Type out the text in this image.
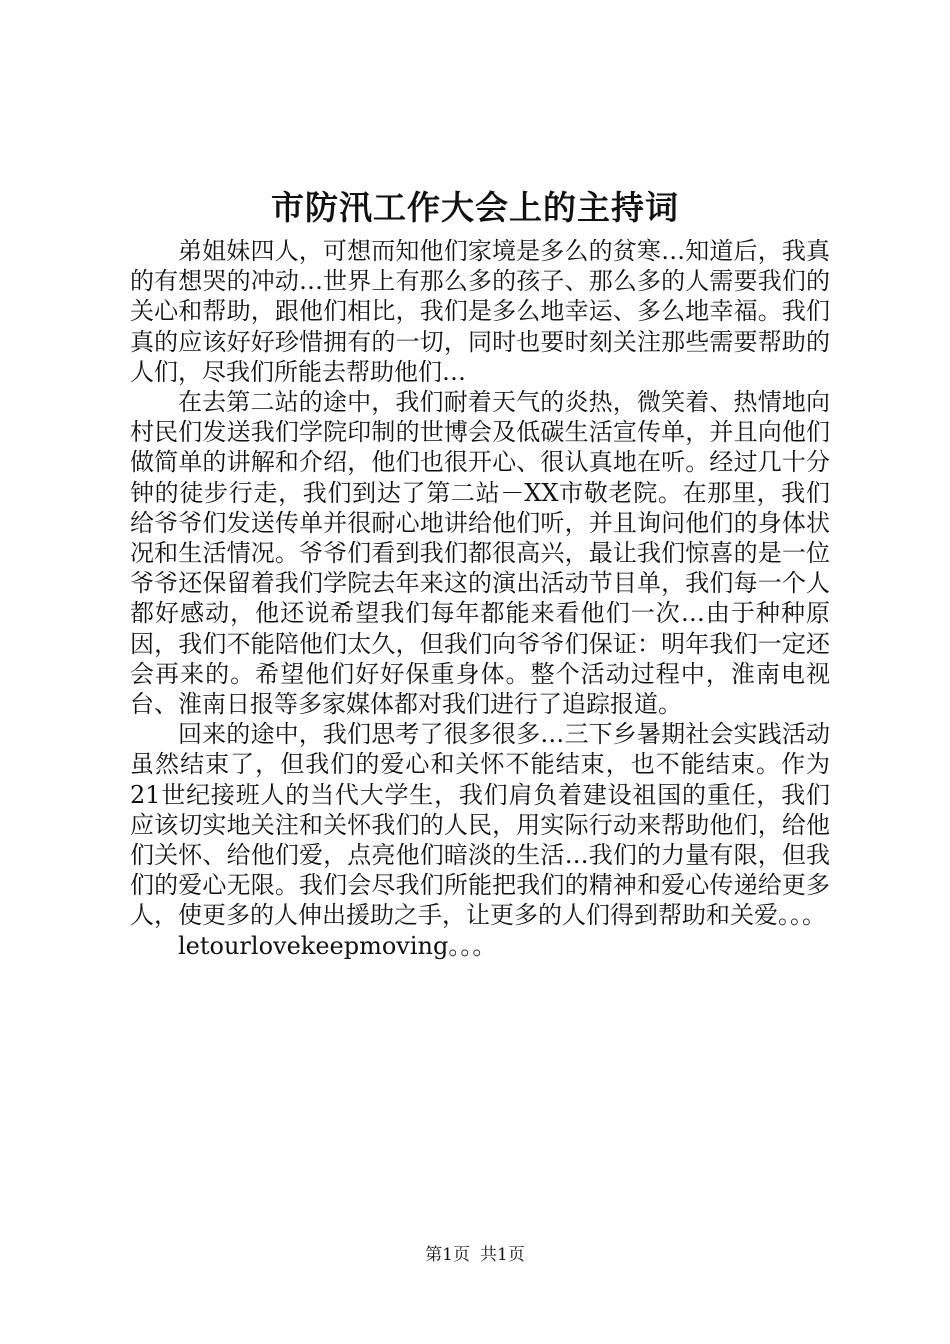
市防汛工作大会上的主持词

弟姐妹四人，可想而知他们家境是多么的贫寒…知道后，我真的有想哭的冲动…世界上有那么多的孩子、那么多的人需要我们的关心和帮助，跟他们相比，我们是多么地幸运、多么地幸福。我们真的应该好好珍惜拥有的一切，同时也要时刻关注那些需要帮助的人们，尽我们所能去帮助他们…

在去第二站的途中，我们耐着天气的炎热，微笑着、热情地向村民们发送我们学院印制的世博会及低碳生活宣传单，并且向他们做简单的讲解和介绍，他们也很开心、很认真地在听。经过几十分钟的徒步行走，我们到达了第二站－XX市敬老院。在那里，我们给爷爷们发送传单并很耐心地讲给他们听，并且询问他们的身体状况和生活情况。爷爷们看到我们都很高兴，最让我们惊喜的是一位爷爷还保留着我们学院去年来这的演出活动节目单，我们每一个人都好感动，他还说希望我们每年都能来看他们一次…由于种种原因，我们不能陪他们太久，但我们向爷爷们保证：明年我们一定还会再来的。希望他们好好保重身体。整个活动过程中，淮南电视台、淮南日报等多家媒体都对我们进行了追踪报道。

回来的途中，我们思考了很多很多…三下乡暑期社会实践活动虽然结束了，但我们的爱心和关怀不能结束，也不能结束。作为21世纪接班人的当代大学生，我们肩负着建设祖国的重任，我们应该切实地关注和关怀我们的人民，用实际行动来帮助他们，给他们关怀、给他们爱，点亮他们暗淡的生活…我们的力量有限，但我们的爱心无限。我们会尽我们所能把我们的精神和爱心传递给更多人，使更多的人伸出援助之手，让更多的人们得到帮助和关爱。。。

letourlovekeepmoving。。。

第1页 共1页
